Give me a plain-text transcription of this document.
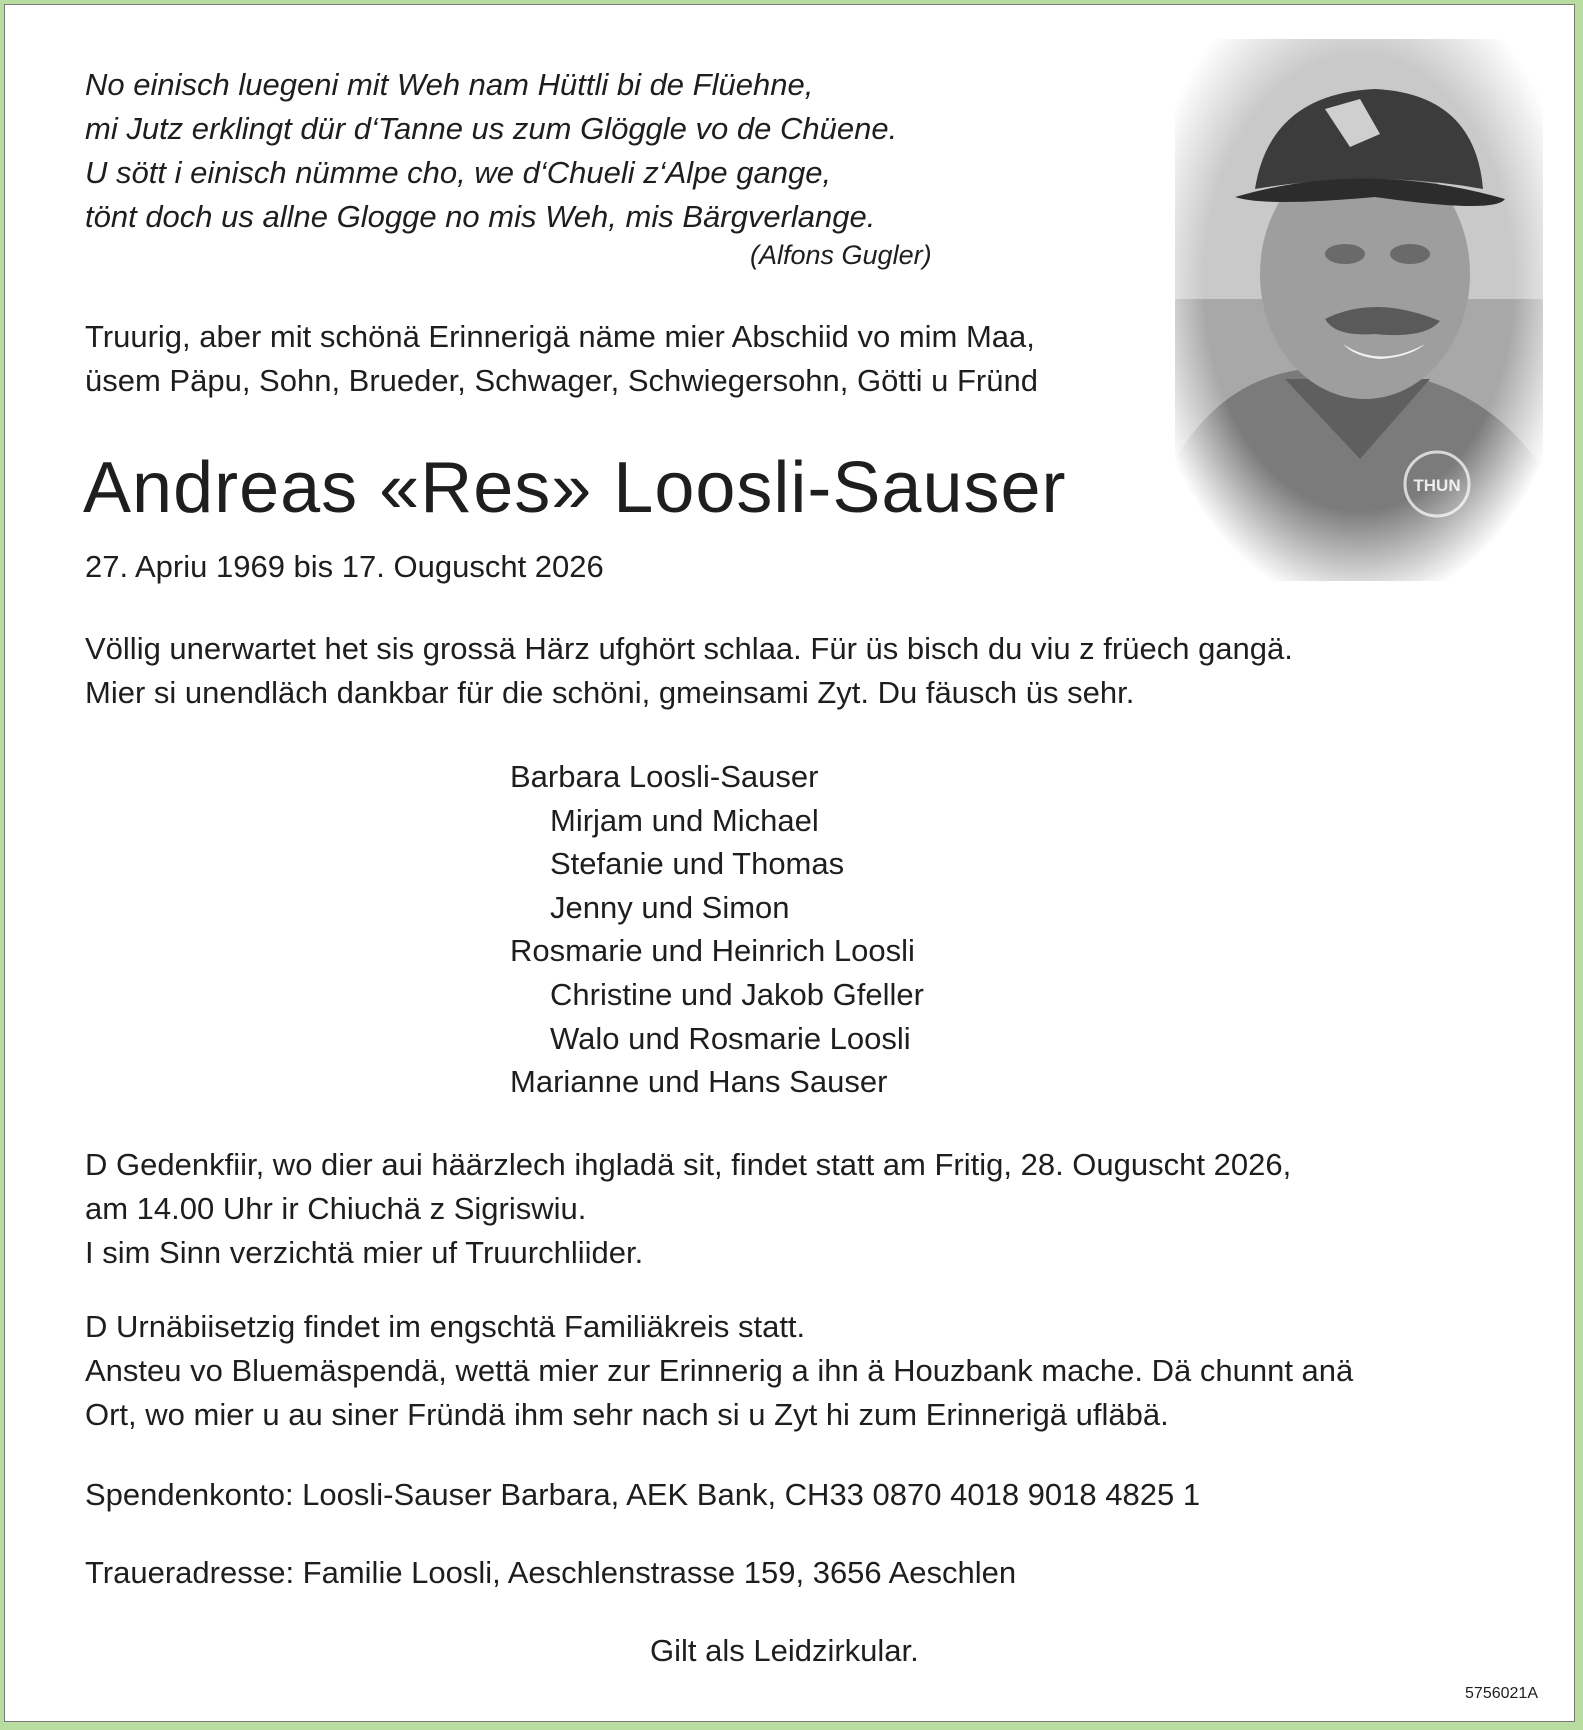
No einisch luegeni mit Weh nam Hüttli bi de Flüehne,
mi Jutz erklingt dür d‘Tanne us zum Glöggle vo de Chüene.
U sött i einisch nümme cho, we d‘Chueli z‘Alpe gange,
tönt doch us allne Glogge no mis Weh, mis Bärgverlange.
(Alfons Gugler)
Truurig, aber mit schönä Erinnerigä näme mier Abschiid vo mim Maa,
üsem Päpu, Sohn, Brueder, Schwager, Schwiegersohn, Götti u Fründ
Andreas «Res» Loosli-Sauser
27. Apriu 1969 bis 17. Ouguscht 2026
Völlig unerwartet het sis grossä Härz ufghört schlaa. Für üs bisch du viu z früech gangä.
Mier si unendläch dankbar für die schöni, gmeinsami Zyt. Du fäusch üs sehr.
Barbara Loosli-Sauser
Mirjam und Michael
Stefanie und Thomas
Jenny und Simon
Rosmarie und Heinrich Loosli
Christine und Jakob Gfeller
Walo und Rosmarie Loosli
Marianne und Hans Sauser
D Gedenkfiir, wo dier aui häärzlech ihgladä sit, findet statt am Fritig, 28. Ouguscht 2026,
am 14.00 Uhr ir Chiuchä z Sigriswiu.
I sim Sinn verzichtä mier uf Truurchliider.
D Urnäbiisetzig findet im engschtä Familiäkreis statt.
Ansteu vo Bluemäspendä, wettä mier zur Erinnerig a ihn ä Houzbank mache. Dä chunnt anä
Ort, wo mier u au siner Fründä ihm sehr nach si u Zyt hi zum Erinnerigä ufläbä.
Spendenkonto: Loosli-Sauser Barbara, AEK Bank, CH33 0870 4018 9018 4825 1
Traueradresse: Familie Loosli, Aeschlenstrasse 159, 3656 Aeschlen
Gilt als Leidzirkular.
5756021A
